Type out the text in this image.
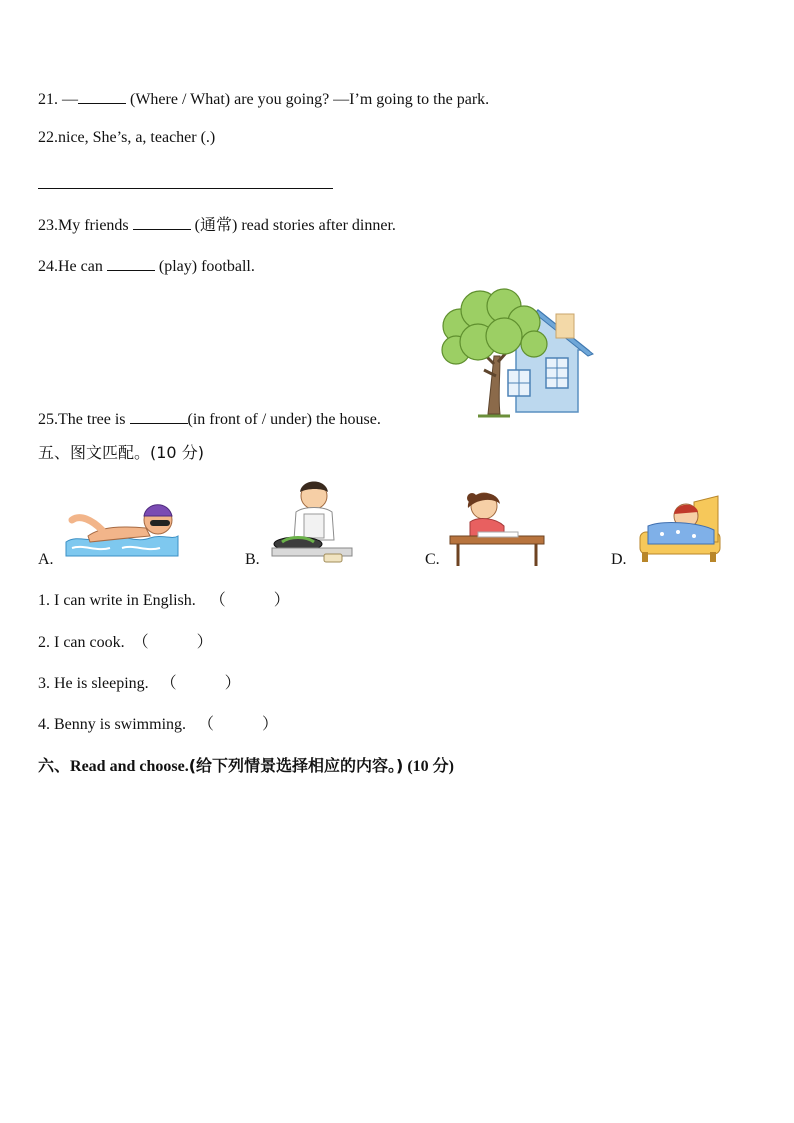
21. —	(Where / What) are you going? —I’m going to the park.
22.nice, She’s, a, teacher (.)
23.My friends	(通常) read stories after dinner.
24.He can	(play) football.
25.The tree is	(in front of / under) the house.
五、图文匹配。(10 分)
A.	B.	C.	D.
1. I can write in English. （　　　）
2. I can cook. （　　　）
3. He is sleeping. （　　　）
4. Benny is swimming. （　　　）
六、Read and choose.(给下列情景选择相应的内容。) (10 分)
